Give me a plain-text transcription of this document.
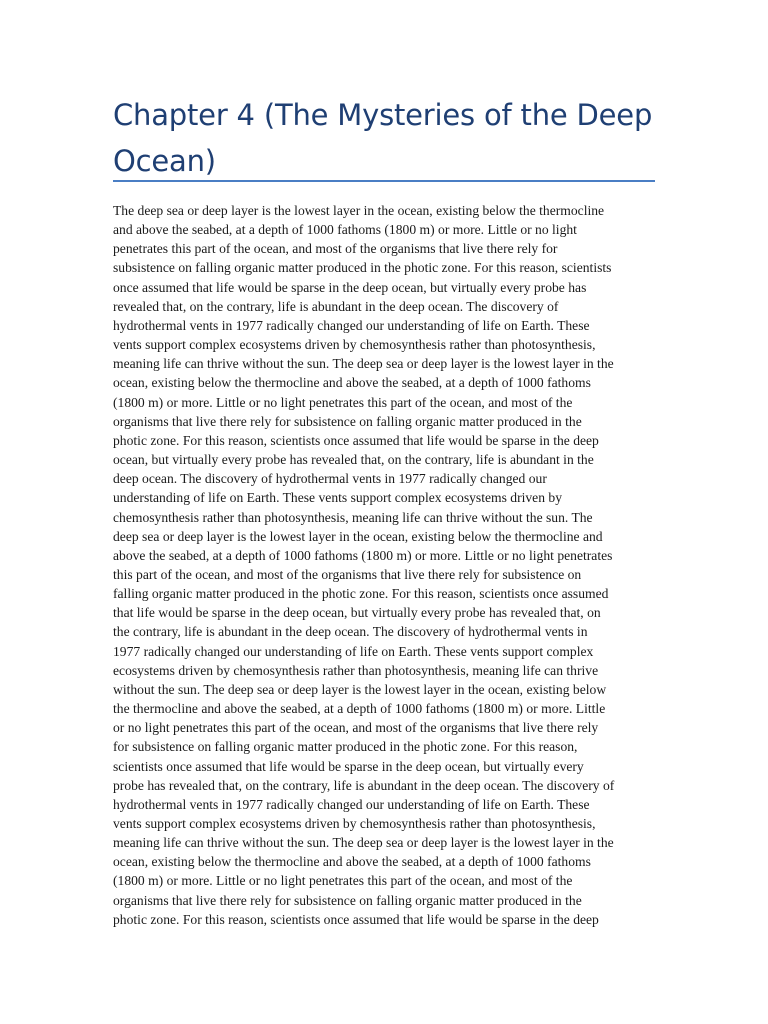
Chapter 4 (The Mysteries of the Deep Ocean)
The deep sea or deep layer is the lowest layer in the ocean, existing below the thermocline
and above the seabed, at a depth of 1000 fathoms (1800 m) or more. Little or no light
penetrates this part of the ocean, and most of the organisms that live there rely for
subsistence on falling organic matter produced in the photic zone. For this reason, scientists
once assumed that life would be sparse in the deep ocean, but virtually every probe has
revealed that, on the contrary, life is abundant in the deep ocean. The discovery of
hydrothermal vents in 1977 radically changed our understanding of life on Earth. These
vents support complex ecosystems driven by chemosynthesis rather than photosynthesis,
meaning life can thrive without the sun. The deep sea or deep layer is the lowest layer in the
ocean, existing below the thermocline and above the seabed, at a depth of 1000 fathoms
(1800 m) or more. Little or no light penetrates this part of the ocean, and most of the
organisms that live there rely for subsistence on falling organic matter produced in the
photic zone. For this reason, scientists once assumed that life would be sparse in the deep
ocean, but virtually every probe has revealed that, on the contrary, life is abundant in the
deep ocean. The discovery of hydrothermal vents in 1977 radically changed our
understanding of life on Earth. These vents support complex ecosystems driven by
chemosynthesis rather than photosynthesis, meaning life can thrive without the sun. The
deep sea or deep layer is the lowest layer in the ocean, existing below the thermocline and
above the seabed, at a depth of 1000 fathoms (1800 m) or more. Little or no light penetrates
this part of the ocean, and most of the organisms that live there rely for subsistence on
falling organic matter produced in the photic zone. For this reason, scientists once assumed
that life would be sparse in the deep ocean, but virtually every probe has revealed that, on
the contrary, life is abundant in the deep ocean. The discovery of hydrothermal vents in
1977 radically changed our understanding of life on Earth. These vents support complex
ecosystems driven by chemosynthesis rather than photosynthesis, meaning life can thrive
without the sun. The deep sea or deep layer is the lowest layer in the ocean, existing below
the thermocline and above the seabed, at a depth of 1000 fathoms (1800 m) or more. Little
or no light penetrates this part of the ocean, and most of the organisms that live there rely
for subsistence on falling organic matter produced in the photic zone. For this reason,
scientists once assumed that life would be sparse in the deep ocean, but virtually every
probe has revealed that, on the contrary, life is abundant in the deep ocean. The discovery of
hydrothermal vents in 1977 radically changed our understanding of life on Earth. These
vents support complex ecosystems driven by chemosynthesis rather than photosynthesis,
meaning life can thrive without the sun. The deep sea or deep layer is the lowest layer in the
ocean, existing below the thermocline and above the seabed, at a depth of 1000 fathoms
(1800 m) or more. Little or no light penetrates this part of the ocean, and most of the
organisms that live there rely for subsistence on falling organic matter produced in the
photic zone. For this reason, scientists once assumed that life would be sparse in the deep
